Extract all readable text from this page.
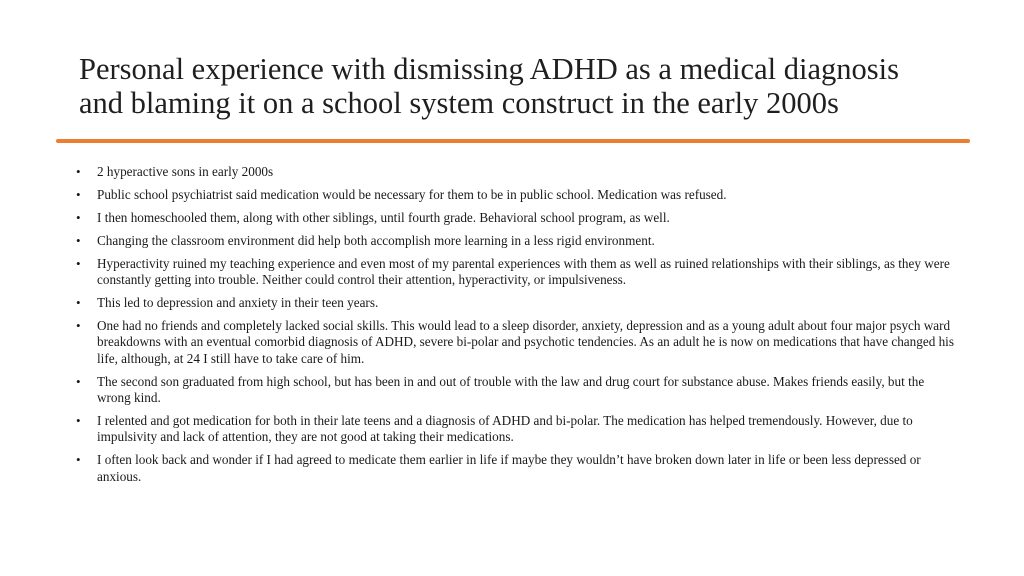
Personal experience with dismissing ADHD as a medical diagnosis
and blaming it on a school system construct in the early 2000s
• 2 hyperactive sons in early 2000s
• Public school psychiatrist said medication would be necessary for them to be in public school. Medication was refused.
• I then homeschooled them, along with other siblings, until fourth grade. Behavioral school program, as well.
• Changing the classroom environment did help both accomplish more learning in a less rigid environment.
• Hyperactivity ruined my teaching experience and even most of my parental experiences with them as well as ruined relationships with their siblings, as they were constantly getting into trouble. Neither could control their attention, hyperactivity, or impulsiveness.
• This led to depression and anxiety in their teen years.
• One had no friends and completely lacked social skills. This would lead to a sleep disorder, anxiety, depression and as a young adult about four major psych ward breakdowns with an eventual comorbid diagnosis of ADHD, severe bi-polar and psychotic tendencies. As an adult he is now on medications that have changed his life, although, at 24 I still have to take care of him.
• The second son graduated from high school, but has been in and out of trouble with the law and drug court for substance abuse. Makes friends easily, but the wrong kind.
• I relented and got medication for both in their late teens and a diagnosis of ADHD and bi-polar. The medication has helped tremendously. However, due to impulsivity and lack of attention, they are not good at taking their medications.
• I often look back and wonder if I had agreed to medicate them earlier in life if maybe they wouldn’t have broken down later in life or been less depressed or anxious.
